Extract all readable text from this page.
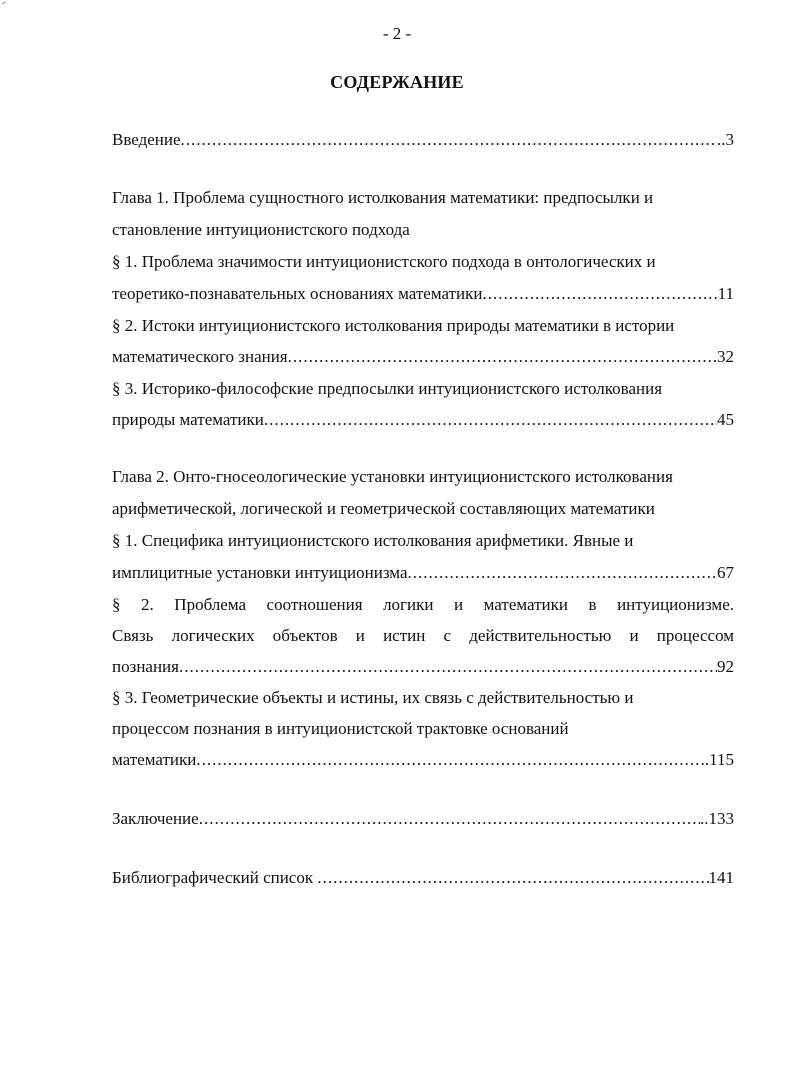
- 2 -
СОДЕРЖАНИЕ
Введение .....	..3
Глава 1. Проблема сущностного истолкования математики: предпосылки и
становление интуиционистского подхода
§ 1. Проблема значимости интуиционистского подхода в онтологических и
теоретико-познавательных основаниях математики .....	11
§ 2. Истоки интуиционистского истолкования природы математики в истории
математического знания .....	32
§ 3. Историко-философские предпосылки интуиционистского истолкования
природы математики .....	45
Глава 2. Онто-гносеологические установки интуиционистского истолкования
арифметической, логической и геометрической составляющих математики
§ 1. Специфика интуиционистского истолкования арифметики. Явные и
имплицитные установки интуиционизма .....	67
§ 2. Проблема соотношения логики и математики в интуиционизме.
Связь логических объектов и истин с действительностью и процессом
познания .....	92
§ 3. Геометрические объекты и истины, их связь с действительностью и
процессом познания в интуиционистской трактовке оснований
математики .....	..115
Заключение .....	..133
Библиографический список .....	141
